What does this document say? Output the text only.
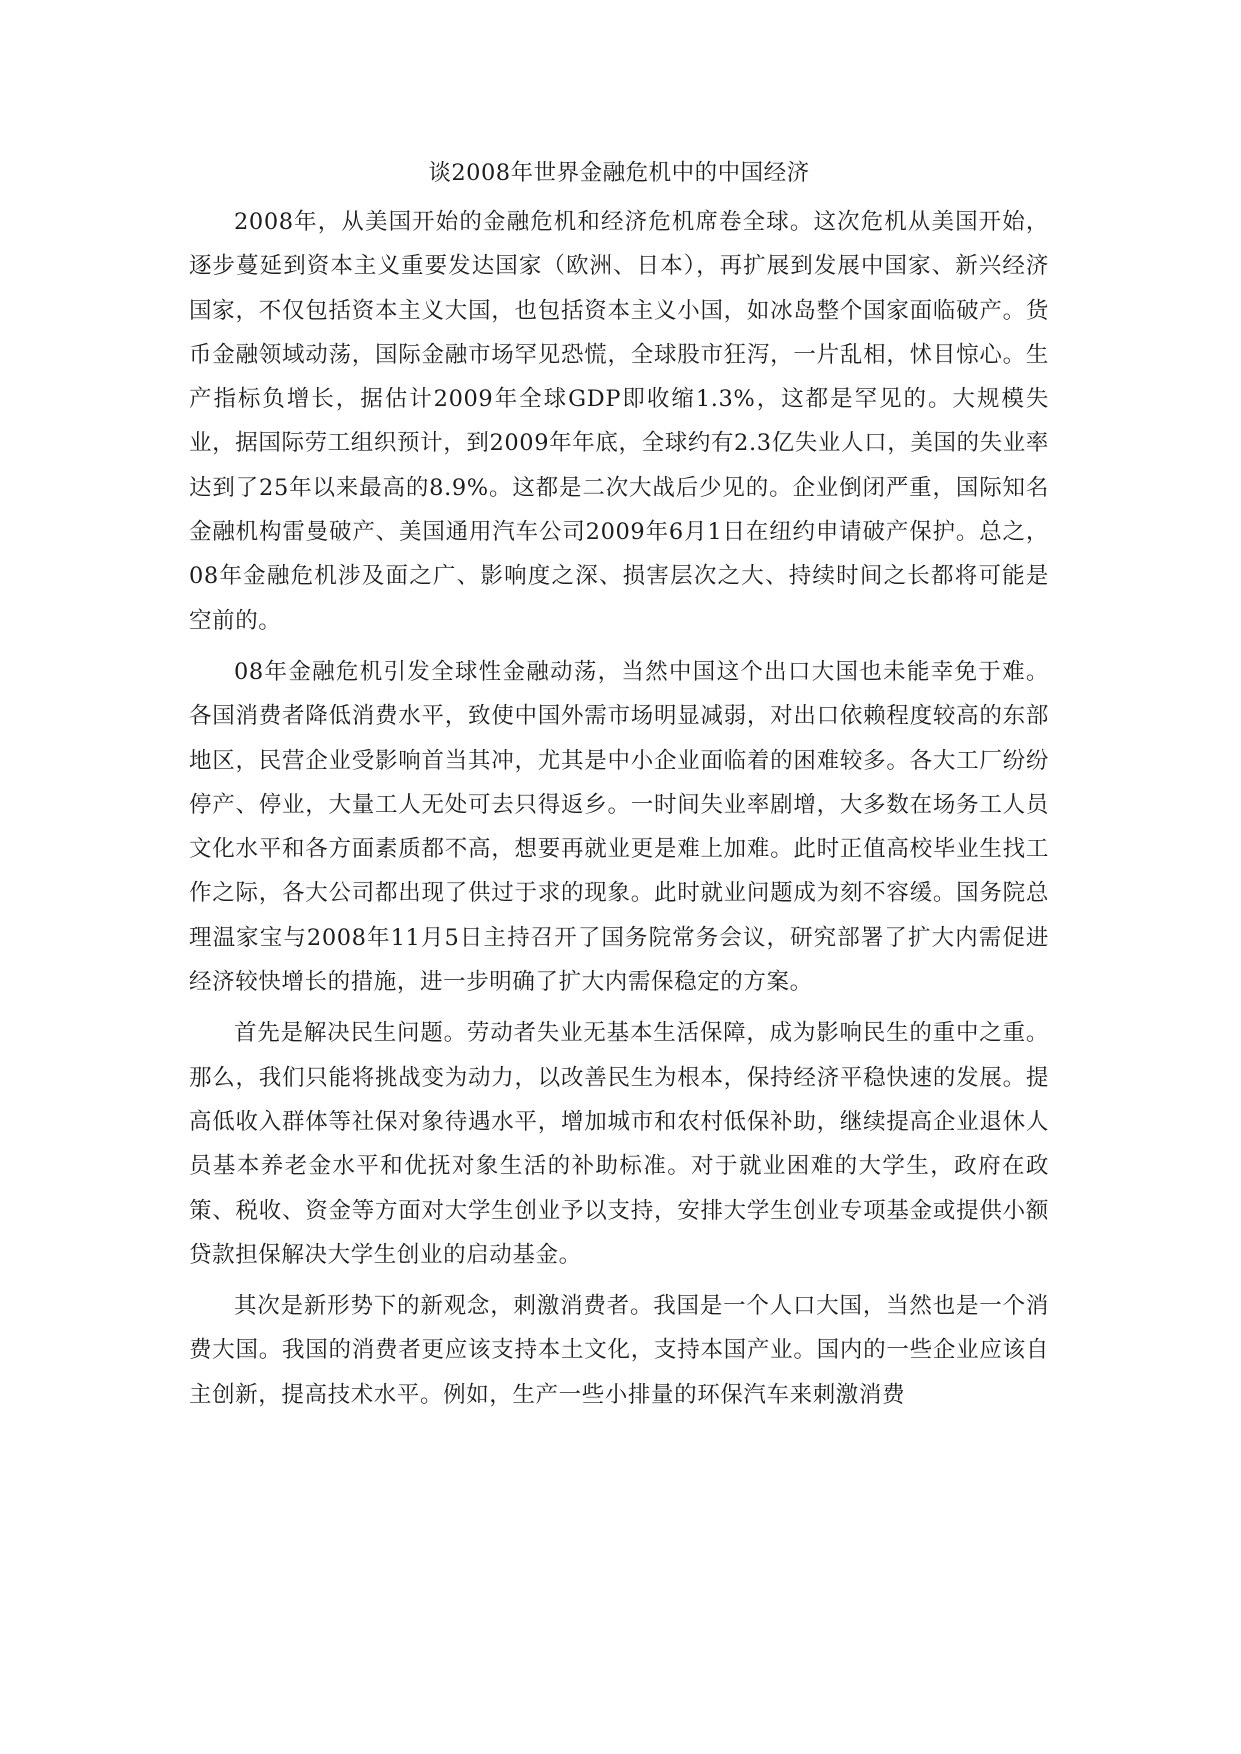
谈2008年世界金融危机中的中国经济

2008年，从美国开始的金融危机和经济危机席卷全球。这次危机从美国开始，逐步蔓延到资本主义重要发达国家（欧洲、日本），再扩展到发展中国家、新兴经济国家，不仅包括资本主义大国，也包括资本主义小国，如冰岛整个国家面临破产。货币金融领域动荡，国际金融市场罕见恐慌，全球股市狂泻，一片乱相，怵目惊心。生产指标负增长，据估计2009年全球GDP即收缩1.3%，这都是罕见的。大规模失业，据国际劳工组织预计，到2009年年底，全球约有2.3亿失业人口，美国的失业率达到了25年以来最高的8.9%。这都是二次大战后少见的。企业倒闭严重，国际知名金融机构雷曼破产、美国通用汽车公司2009年6月1日在纽约申请破产保护。总之，08年金融危机涉及面之广、影响度之深、损害层次之大、持续时间之长都将可能是空前的。

08年金融危机引发全球性金融动荡，当然中国这个出口大国也未能幸免于难。各国消费者降低消费水平，致使中国外需市场明显减弱，对出口依赖程度较高的东部地区，民营企业受影响首当其冲，尤其是中小企业面临着的困难较多。各大工厂纷纷停产、停业，大量工人无处可去只得返乡。一时间失业率剧增，大多数在场务工人员文化水平和各方面素质都不高，想要再就业更是难上加难。此时正值高校毕业生找工作之际，各大公司都出现了供过于求的现象。此时就业问题成为刻不容缓。国务院总理温家宝与2008年11月5日主持召开了国务院常务会议，研究部署了扩大内需促进经济较快增长的措施，进一步明确了扩大内需保稳定的方案。

首先是解决民生问题。劳动者失业无基本生活保障，成为影响民生的重中之重。那么，我们只能将挑战变为动力，以改善民生为根本，保持经济平稳快速的发展。提高低收入群体等社保对象待遇水平，增加城市和农村低保补助，继续提高企业退休人员基本养老金水平和优抚对象生活的补助标准。对于就业困难的大学生，政府在政策、税收、资金等方面对大学生创业予以支持，安排大学生创业专项基金或提供小额贷款担保解决大学生创业的启动基金。

其次是新形势下的新观念，刺激消费者。我国是一个人口大国，当然也是一个消费大国。我国的消费者更应该支持本土文化，支持本国产业。国内的一些企业应该自主创新，提高技术水平。例如，生产一些小排量的环保汽车来刺激消费
